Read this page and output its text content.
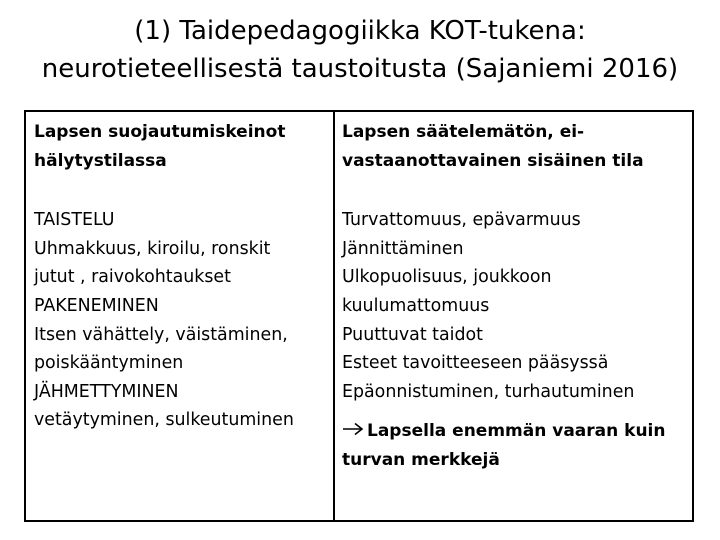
(1) Taidepedagogiikka KOT-tukena:
neurotieteellisestä taustoitusta (Sajaniemi 2016)
Lapsen suojautumiskeinot
hälytystilassa
TAISTELU
Uhmakkuus, kiroilu, ronskit
jutut , raivokohtaukset
PAKENEMINEN
Itsen vähättely, väistäminen,
poiskääntyminen
JÄHMETTYMINEN
vetäytyminen, sulkeutuminen
Lapsen säätelemätön, ei-
vastaanottavainen sisäinen tila
Turvattomuus, epävarmuus
Jännittäminen
Ulkopuolisuus, joukkoon
kuulumattomuus
Puuttuvat taidot
Esteet tavoitteeseen pääsyssä
Epäonnistuminen, turhautuminen
Lapsella enemmän vaaran kuin
turvan merkkejä
